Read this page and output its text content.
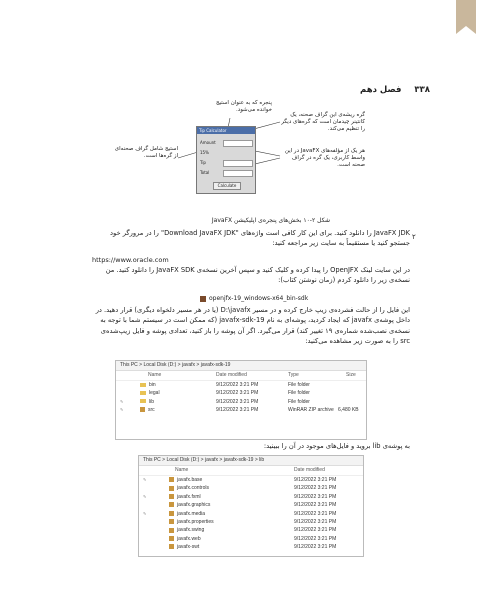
۳۳۸ فصل دهم
پنجره که به عنوان استیج خوانده می‌شود.
گره ریشه‌ی این گراف صحنه، یک کانتینر چیدمان است که گره‌های دیگر را تنظیم می‌کند.
هر یک از مؤلفه‌های JavaFX در این واسط کاربری، یک گره در گراف صحنه است.
استیج شامل گراف صحنه‌ای از گره‌ها است.
Tip Calculator
Amount
15%
Tip
Total
Calculate
شکل ۲-۱۰ بخش‌های پنجره‌ی اپلیکیشن JavaFX
۲
JavaFX JDK را دانلود کنید. برای این کار کافی است واژه‌های "Download JavaFX JDK" را در مرورگر خود جستجو کنید یا مستقیماً به سایت زیر مراجعه کنید:
https://www.oracle.com
در این سایت لینک OpenJFX را پیدا کرده و کلیک کنید و سپس آخرین نسخه‌ی JavaFX SDK را دانلود کنید. من نسخه‌ی زیر را دانلود کردم (زمان نوشتن کتاب):
openjfx-19_windows-x64_bin-sdk
این فایل را از حالت فشرده‌ی زیپ خارج کرده و در مسیر D:\javafx (یا در هر مسیر دلخواه دیگری) قرار دهید. در داخل پوشه‌ی javafx که ایجاد کردید، پوشه‌ای به نام javafx-sdk-19 (که ممکن است در سیستم شما با توجه به نسخه‌ی نصب‌شده شماره‌ی ۱۹ تغییر کند) قرار می‌گیرد. اگر آن پوشه را باز کنید، تعدادی پوشه و فایل زیپ‌شده‌ی src را به صورت زیر مشاهده می‌کنید:
This PC > Local Disk (D:) > javafx > javafx-sdk-19
Name	Date modified	Type	Size
bin	9/12/2022 3:21 PM	File folder
legal	9/12/2022 3:21 PM	File folder
✎	lib	9/12/2022 3:21 PM	File folder
✎	src	9/12/2022 3:21 PM	WinRAR ZIP archive 6,480 KB
به پوشه‌ی lib بروید و فایل‌های موجود در آن را ببینید:
This PC > Local Disk (D:) > javafx > javafx-sdk-19 > lib
Name	Date modified
✎	javafx.base	9/12/2022 3:21 PM
javafx.controls	9/12/2022 3:21 PM
✎	javafx.fxml	9/12/2022 3:21 PM
javafx.graphics	9/12/2022 3:21 PM
✎	javafx.media	9/12/2022 3:21 PM
javafx.properties	9/12/2022 3:21 PM
javafx.swing	9/12/2022 3:21 PM
javafx.web	9/12/2022 3:21 PM
javafx-swt	9/12/2022 3:21 PM
